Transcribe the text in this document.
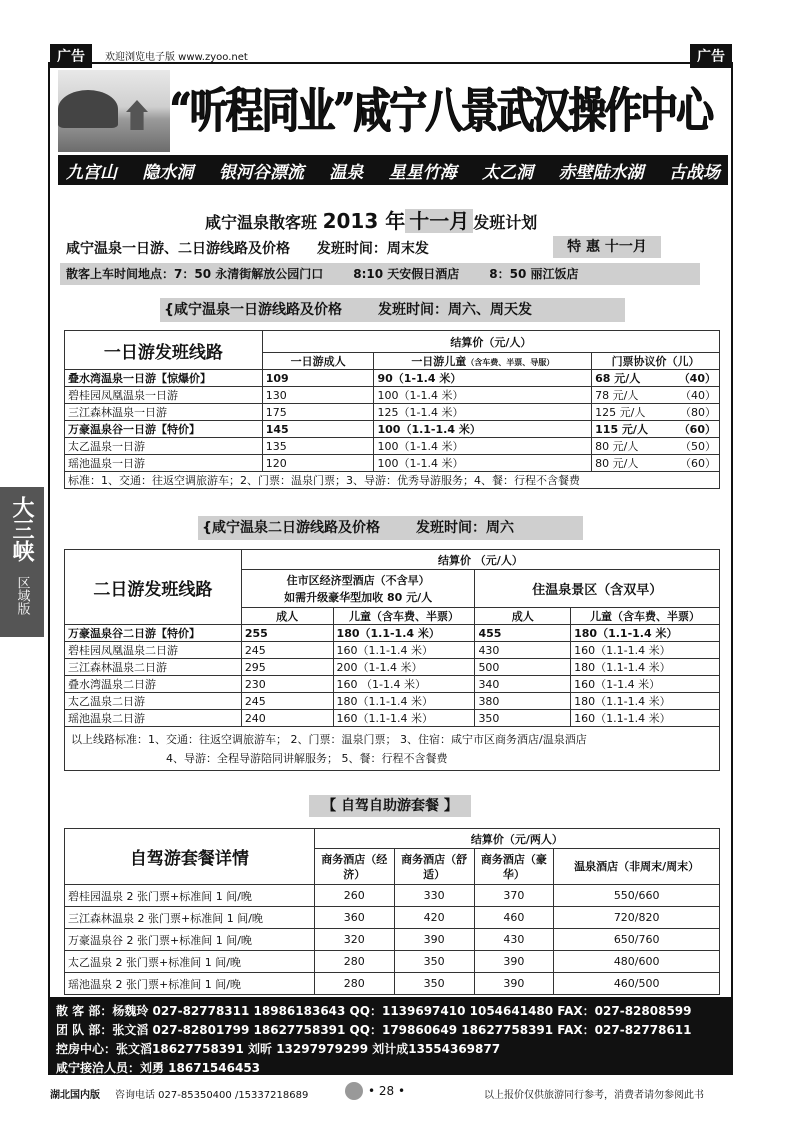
广告	欢迎浏览电子版 www.zyoo.net	广告
“听程同业”咸宁八景武汉操作中心
九宫山 隐水洞 银河谷漂流 温泉 星星竹海 太乙洞 赤壁陆水湖 古战场
咸宁温泉散客班 2013 年 十一月 发班计划
咸宁温泉一日游、二日游线路及价格 发班时间：周末发	特 惠 十一月
散客上车时间地点：7：50 永清街解放公园门口	8:10 天安假日酒店	8：50 丽江饭店
{咸宁温泉一日游线路及价格	发班时间：周六、周天发
一日游发班线路	结算价（元/人）		
	一日游成人	一日游儿童（含车费、半票、导服）	门票协议价（儿）
叠水湾温泉一日游【惊爆价】	109	90（1-1.4 米）	68 元/人 （40）

碧桂园凤凰温泉一日游	130	100（1-1.4 米）	78 元/人 （40）

三江森林温泉一日游	175	125（1-1.4 米）	125 元/人 （80）

万豪温泉谷一日游【特价】	145	100（1.1-1.4 米）	115 元/人 （60）

太乙温泉一日游	135	100（1-1.4 米）	80 元/人 （50）

瑶池温泉一日游	120	100（1-1.4 米）	80 元/人 （60）

标准：1、交通：往返空调旅游车；2、门票：温泉门票；3、导游：优秀导游服务；4、餐：行程不含餐费			
{咸宁温泉二日游线路及价格	发班时间：周六
二日游发班线路	结算价 （元/人）			

	住市区经济型酒店（不含早）
如需升级豪华型加收 80 元/人		住温泉景区（含双早）	
	成人	儿童（含车费、半票）	成人	儿童（含车费、半票）
万豪温泉谷二日游【特价】	255	180（1.1-1.4 米）	455	180（1.1-1.4 米）
碧桂园凤凰温泉二日游	245	160（1.1-1.4 米）	430	160（1.1-1.4 米）
三江森林温泉二日游	295	200（1-1.4 米）	500	180（1.1-1.4 米）
叠水湾温泉二日游	230	160 （1-1.4 米）	340	160（1-1.4 米）
太乙温泉二日游	245	180（1.1-1.4 米）	380	180（1.1-1.4 米）
瑶池温泉二日游	240	160（1.1-1.4 米）	350	160（1.1-1.4 米）

以上线路标准：1、交通：往返空调旅游车； 2、门票：温泉门票； 3、住宿：咸宁市区商务酒店/温泉酒店
4、导游：全程导游陪同讲解服务； 5、餐：行程不含餐费				
【 自驾自助游套餐 】
自驾游套餐详情	结算价（元/两人）			
	商务酒店（经济）	商务酒店（舒适）	商务酒店（豪华）	温泉酒店（非周末/周末）
碧桂园温泉 2 张门票+标准间 1 间/晚	260	330	370	550/660
三江森林温泉 2 张门票+标准间 1 间/晚	360	420	460	720/820
万豪温泉谷 2 张门票+标准间 1 间/晚	320	390	430	650/760
太乙温泉 2 张门票+标准间 1 间/晚	280	350	390	480/600
瑶池温泉 2 张门票+标准间 1 间/晚	280	350	390	460/500
散 客 部：杨魏玲 027-82778311 18986183643 QQ：1139697410 1054641480 FAX：027-82808599
团 队 部：张文滔 027-82801799 18627758391 QQ：179860649 18627758391 FAX：027-82778611
控房中心：张文滔18627758391 刘昕 13297979299 刘计成13554369877
咸宁接洽人员：刘勇 18671546453
大三峡
区域版
湖北国内版 咨询电话 027-85350400 /15337218689	• 28 •	以上报价仅供旅游同行参考，消费者请勿参阅此书
